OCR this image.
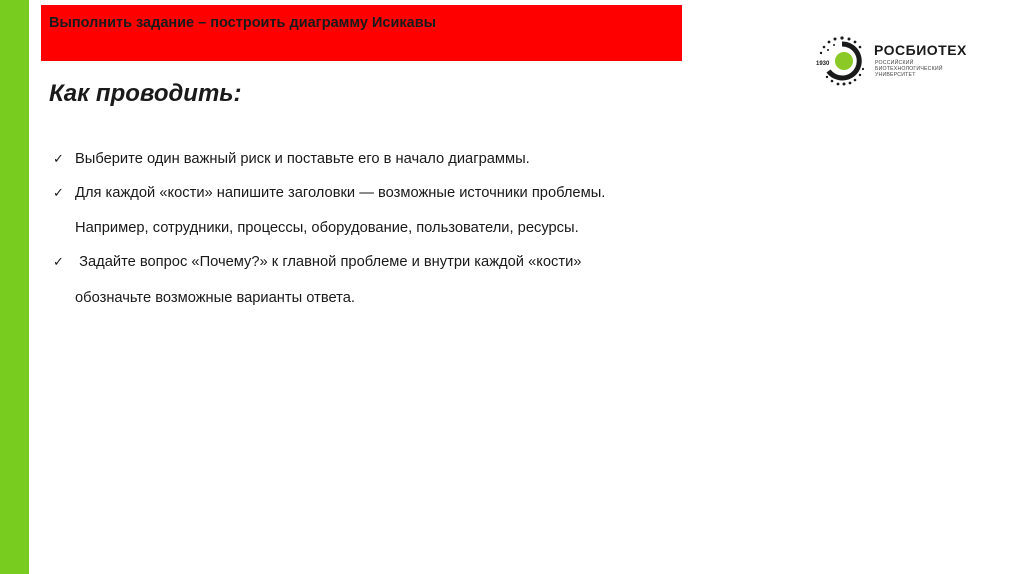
Выполнить задание – построить диаграмму Исикавы
1930
РОСБИОТЕХ
РОССИЙСКИЙ
БИОТЕХНОЛОГИЧЕСКИЙ
УНИВЕРСИТЕТ
Как проводить:
✓ Выберите один важный риск и поставьте его в начало диаграммы.
✓ Для каждой «кости» напишите заголовки — возможные источники проблемы.
Например, сотрудники, процессы, оборудование, пользователи, ресурсы.
✓ Задайте вопрос «Почему?» к главной проблеме и внутри каждой «кости»
обозначьте возможные варианты ответа.
